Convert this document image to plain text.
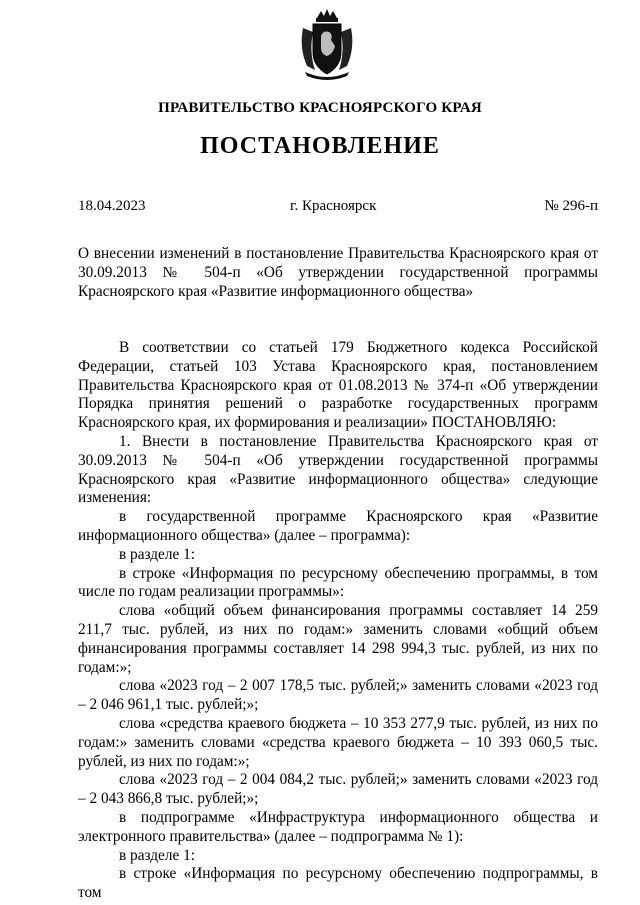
ПРАВИТЕЛЬСТВО КРАСНОЯРСКОГО КРАЯ
ПОСТАНОВЛЕНИЕ
18.04.2023	г. Красноярск	№ 296-п
О внесении изменений в постановление Правительства Красноярского края от 30.09.2013 № 504-п «Об утверждении государственной программы Красноярского края «Развитие информационного общества»

В соответствии со статьей 179 Бюджетного кодекса Российской Федерации, статьей 103 Устава Красноярского края, постановлением Правительства Красноярского края от 01.08.2013 № 374-п «Об утверждении Порядка принятия решений о разработке государственных программ Красноярского края, их формирования и реализации» ПОСТАНОВЛЯЮ:

1. Внести в постановление Правительства Красноярского края от 30.09.2013 № 504-п «Об утверждении государственной программы Красноярского края «Развитие информационного общества» следующие изменения:

в государственной программе Красноярского края «Развитие информационного общества» (далее – программа):

в разделе 1:

в строке «Информация по ресурсному обеспечению программы, в том числе по годам реализации программы»:

слова «общий объем финансирования программы составляет 14 259 211,7 тыс. рублей, из них по годам:» заменить словами «общий объем финансирования программы составляет 14 298 994,3 тыс. рублей, из них по годам:»;

слова «2023 год – 2 007 178,5 тыс. рублей;» заменить словами «2023 год – 2 046 961,1 тыс. рублей;»;

слова «средства краевого бюджета – 10 353 277,9 тыс. рублей, из них по годам:» заменить словами «средства краевого бюджета – 10 393 060,5 тыс. рублей, из них по годам:»;

слова «2023 год – 2 004 084,2 тыс. рублей;» заменить словами «2023 год – 2 043 866,8 тыс. рублей;»;

в подпрограмме «Инфраструктура информационного общества и электронного правительства» (далее – подпрограмма № 1):

в разделе 1:

в строке «Информация по ресурсному обеспечению подпрограммы, в том
